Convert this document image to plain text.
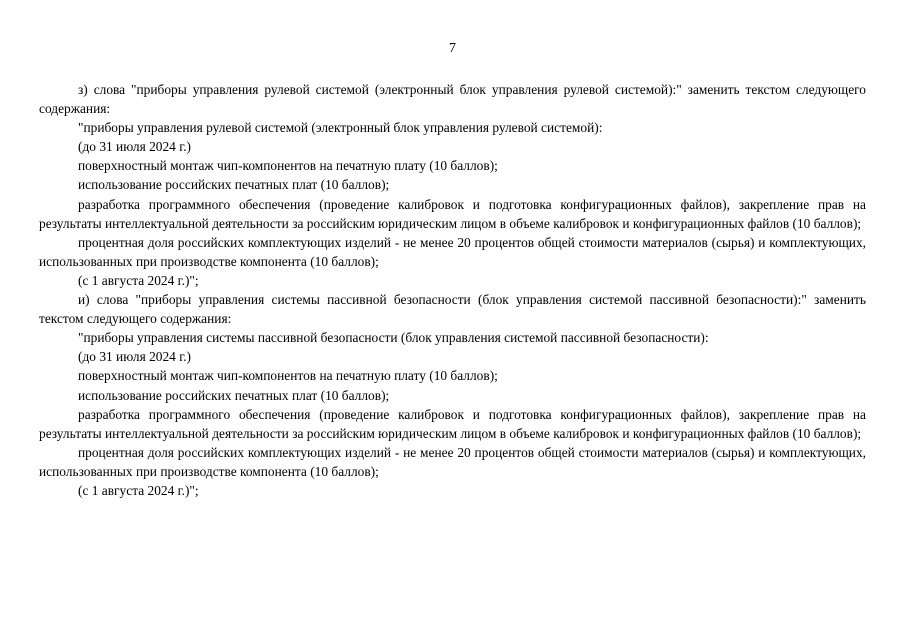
7

з) слова "приборы управления рулевой системой (электронный блок управления рулевой системой):" заменить текстом следующего содержания:

"приборы управления рулевой системой (электронный блок управления рулевой системой):

(до 31 июля 2024 г.)

поверхностный монтаж чип-компонентов на печатную плату (10 баллов);

использование российских печатных плат (10 баллов);

разработка программного обеспечения (проведение калибровок и подготовка конфигурационных файлов), закрепление прав на результаты интеллектуальной деятельности за российским юридическим лицом в объеме калибровок и конфигурационных файлов (10 баллов);

процентная доля российских комплектующих изделий - не менее 20 процентов общей стоимости материалов (сырья) и комплектующих, использованных при производстве компонента (10 баллов);

(с 1 августа 2024 г.)";

и) слова "приборы управления системы пассивной безопасности (блок управления системой пассивной безопасности):" заменить текстом следующего содержания:

"приборы управления системы пассивной безопасности (блок управления системой пассивной безопасности):

(до 31 июля 2024 г.)

поверхностный монтаж чип-компонентов на печатную плату (10 баллов);

использование российских печатных плат (10 баллов);

разработка программного обеспечения (проведение калибровок и подготовка конфигурационных файлов), закрепление прав на результаты интеллектуальной деятельности за российским юридическим лицом в объеме калибровок и конфигурационных файлов (10 баллов);

процентная доля российских комплектующих изделий - не менее 20 процентов общей стоимости материалов (сырья) и комплектующих, использованных при производстве компонента (10 баллов);

(с 1 августа 2024 г.)";
